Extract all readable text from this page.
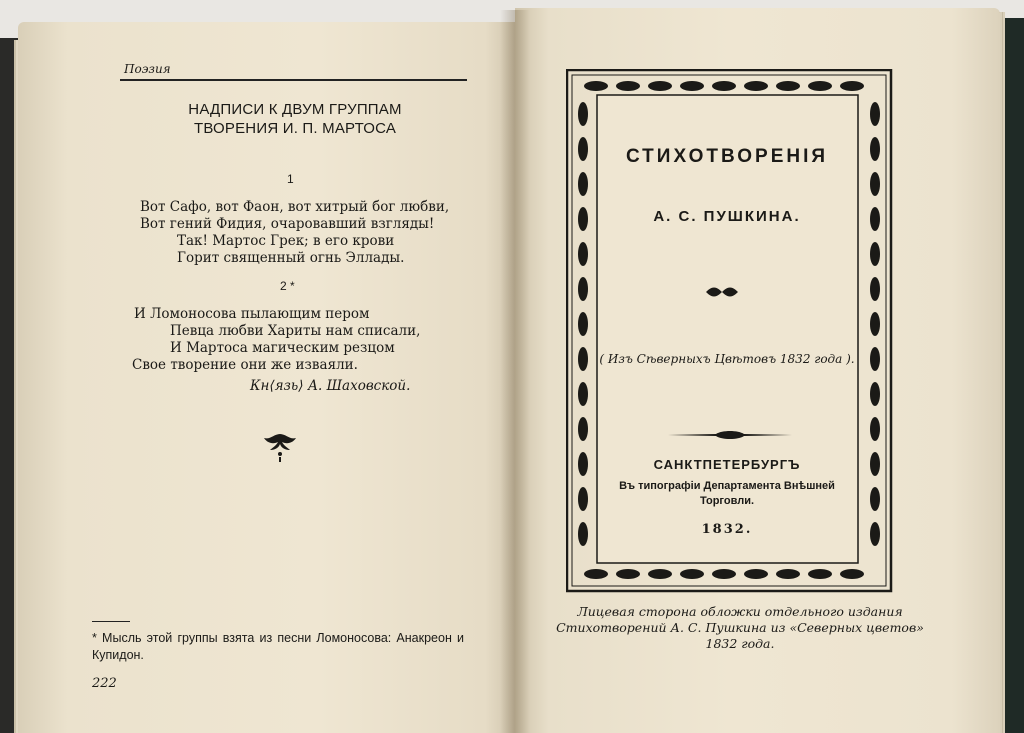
Поэзия
НАДПИСИ К ДВУМ ГРУППАМ
ТВОРЕНИЯ И. П. МАРТОСА
1
Вот Сафо, вот Фаон, вот хитрый бог любви,
Вот гений Фидия, очаровавший взгляды!
Так! Мартос Грек; в его крови
Горит священный огнь Эллады.
2 *
И Ломоносова пылающим пером
Певца любви Хариты нам списали,
И Мартоса магическим резцом
Свое творение они же изваяли.
Кн⟨язь⟩ А. Шаховской.
* Мысль этой группы взята из песни Ломоносова: Анакреон и Купидон.
222
СТИХОТВОРЕНІЯ
А. С. ПУШКИНА.
( Изъ Сѣверныхъ Цвѣтовъ 1832 года ).
САНКТПЕТЕРБУРГЪ
Въ типографіи Департамента Внѣшней
Торговли.
1832.
Лицевая сторона обложки отдельного издания
Стихотворений А. С. Пушкина из «Северных цветов»
1832 года.
